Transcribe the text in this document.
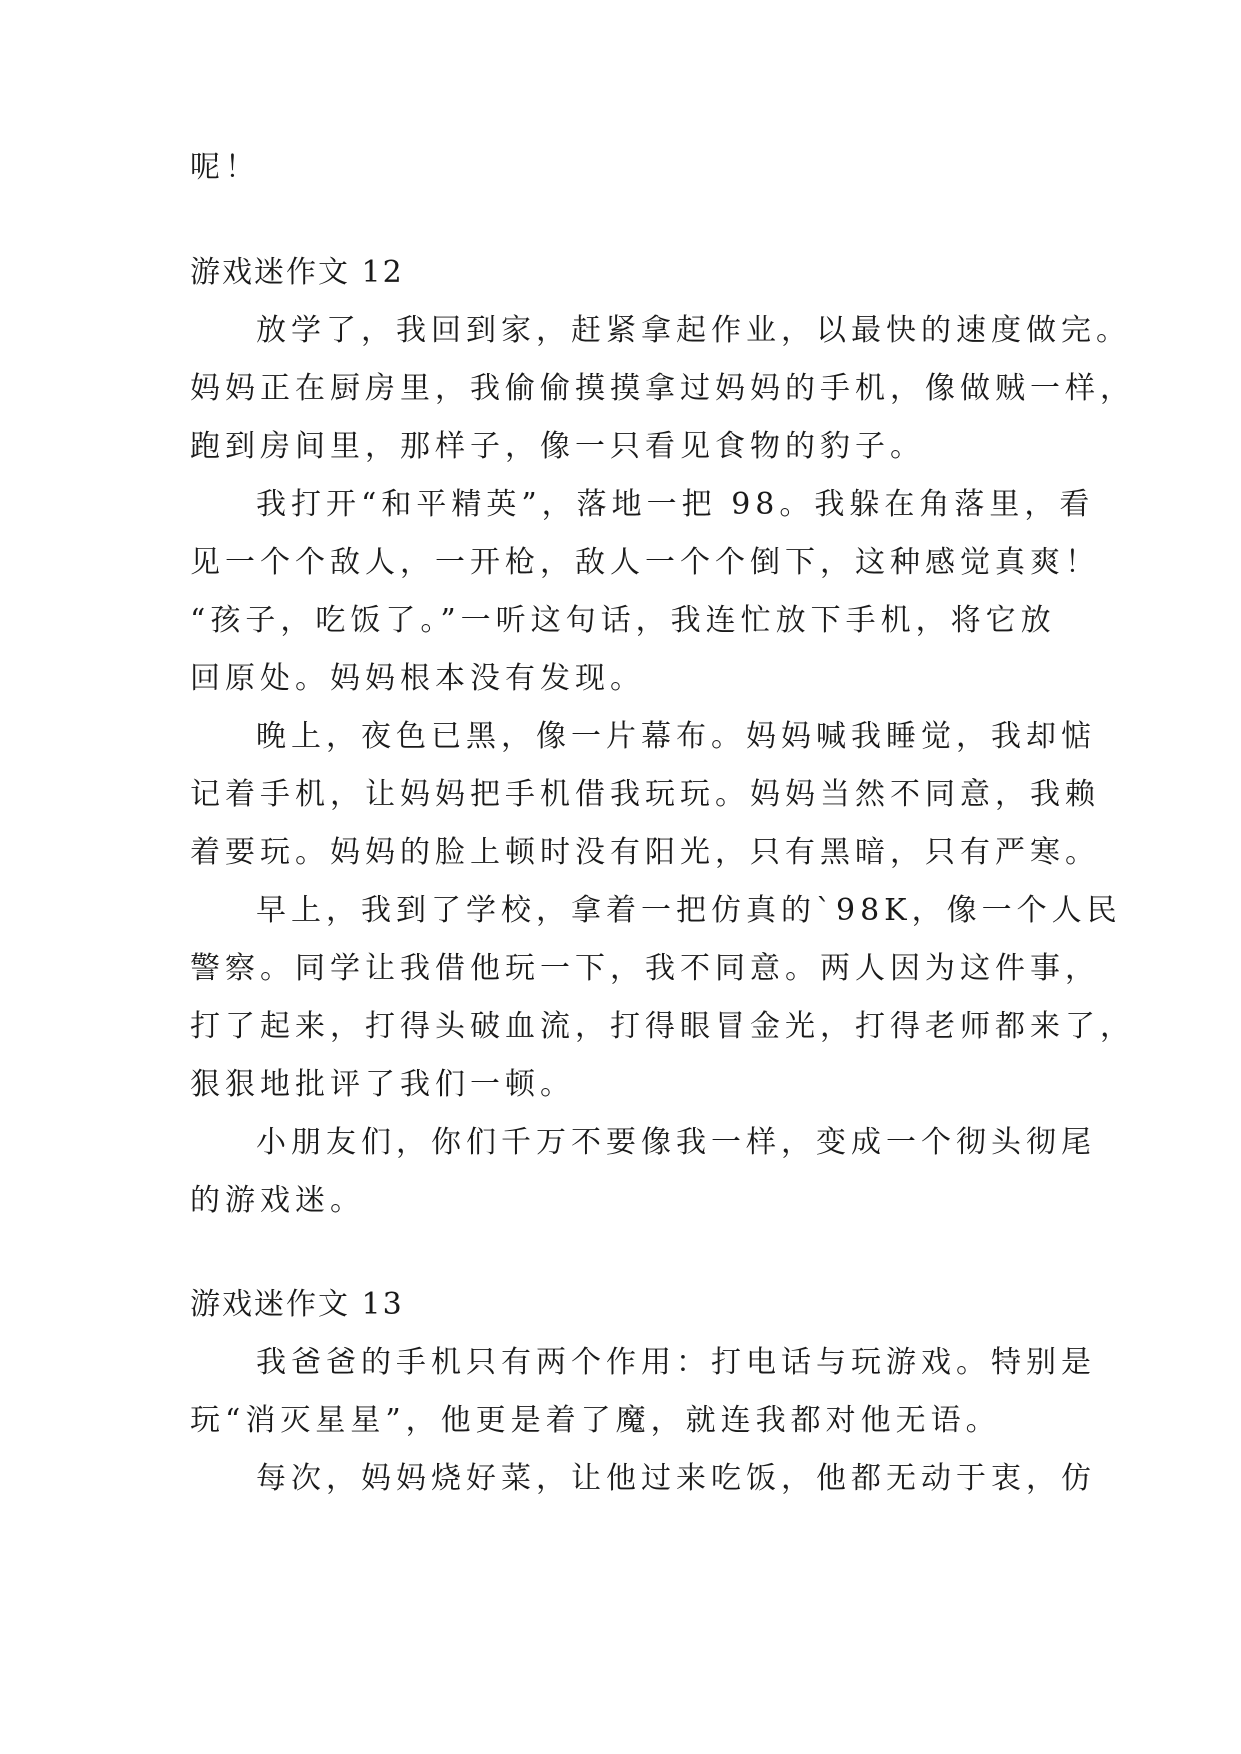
呢！
游戏迷作文 12
放学了，我回到家，赶紧拿起作业，以最快的速度做完。
妈妈正在厨房里，我偷偷摸摸拿过妈妈的手机，像做贼一样，
跑到房间里，那样子，像一只看见食物的豹子。
我打开“和平精英”，落地一把 98。我躲在角落里，看
见一个个敌人，一开枪，敌人一个个倒下，这种感觉真爽！
“孩子，吃饭了。”一听这句话，我连忙放下手机，将它放
回原处。妈妈根本没有发现。
晚上，夜色已黑，像一片幕布。妈妈喊我睡觉，我却惦
记着手机，让妈妈把手机借我玩玩。妈妈当然不同意，我赖
着要玩。妈妈的脸上顿时没有阳光，只有黑暗，只有严寒。
早上，我到了学校，拿着一把仿真的`98K，像一个人民
警察。同学让我借他玩一下，我不同意。两人因为这件事，
打了起来，打得头破血流，打得眼冒金光，打得老师都来了，
狠狠地批评了我们一顿。
小朋友们，你们千万不要像我一样，变成一个彻头彻尾
的游戏迷。
游戏迷作文 13
我爸爸的手机只有两个作用：打电话与玩游戏。特别是
玩“消灭星星”，他更是着了魔，就连我都对他无语。
每次，妈妈烧好菜，让他过来吃饭，他都无动于衷，仿
